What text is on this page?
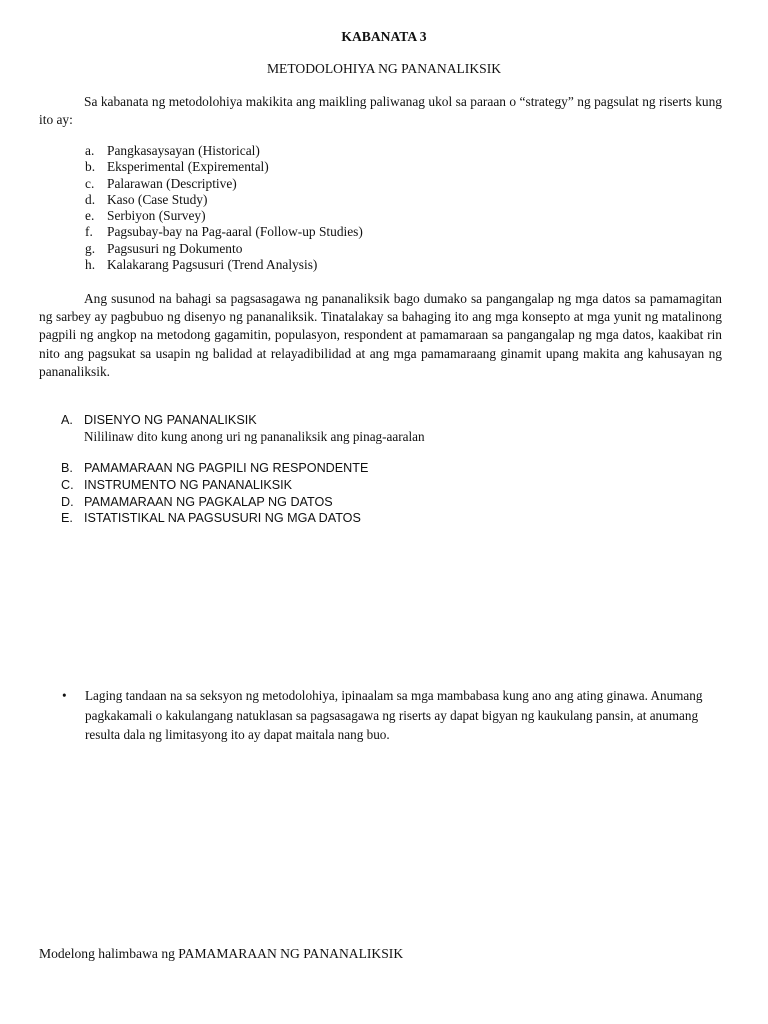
KABANATA 3
METODOLOHIYA NG PANANALIKSIK

Sa kabanata ng metodolohiya makikita ang maikling paliwanag ukol sa paraan o “strategy” ng pagsulat ng riserts kung ito ay:

a. Pangkasaysayan (Historical)
b. Eksperimental (Expiremental)
c. Palarawan (Descriptive)
d. Kaso (Case Study)
e. Serbiyon (Survey)
f. Pagsubay-bay na Pag-aaral (Follow-up Studies)
g. Pagsusuri ng Dokumento
h. Kalakarang Pagsusuri (Trend Analysis)

Ang susunod na bahagi sa pagsasagawa ng pananaliksik bago dumako sa pangangalap ng mga datos sa pamamagitan ng sarbey ay pagbubuo ng disenyo ng pananaliksik. Tinatalakay sa bahaging ito ang mga konsepto at mga yunit ng matalinong pagpili ng angkop na metodong gagamitin, populasyon, respondent at pamamaraan sa pangangalap ng mga datos, kaakibat rin nito ang pagsukat sa usapin ng balidad at relayadibilidad at ang mga pamamaraang ginamit upang makita ang kahusayan ng pananaliksik.

A. DISENYO NG PANANALIKSIK
Nililinaw dito kung anong uri ng pananaliksik ang pinag-aaralan
B. PAMAMARAAN NG PAGPILI NG RESPONDENTE
C. INSTRUMENTO NG PANANALIKSIK
D. PAMAMARAAN NG PAGKALAP NG DATOS
E. ISTATISTIKAL NA PAGSUSURI NG MGA DATOS
• Laging tandaan na sa seksyon ng metodolohiya, ipinaalam sa mga mambabasa kung ano ang ating ginawa. Anumang pagkakamali o kakulangang natuklasan sa pagsasagawa ng riserts ay dapat bigyan ng kaukulang pansin, at anumang resulta dala ng limitasyong ito ay dapat maitala nang buo.
Modelong halimbawa ng PAMAMARAAN NG PANANALIKSIK
